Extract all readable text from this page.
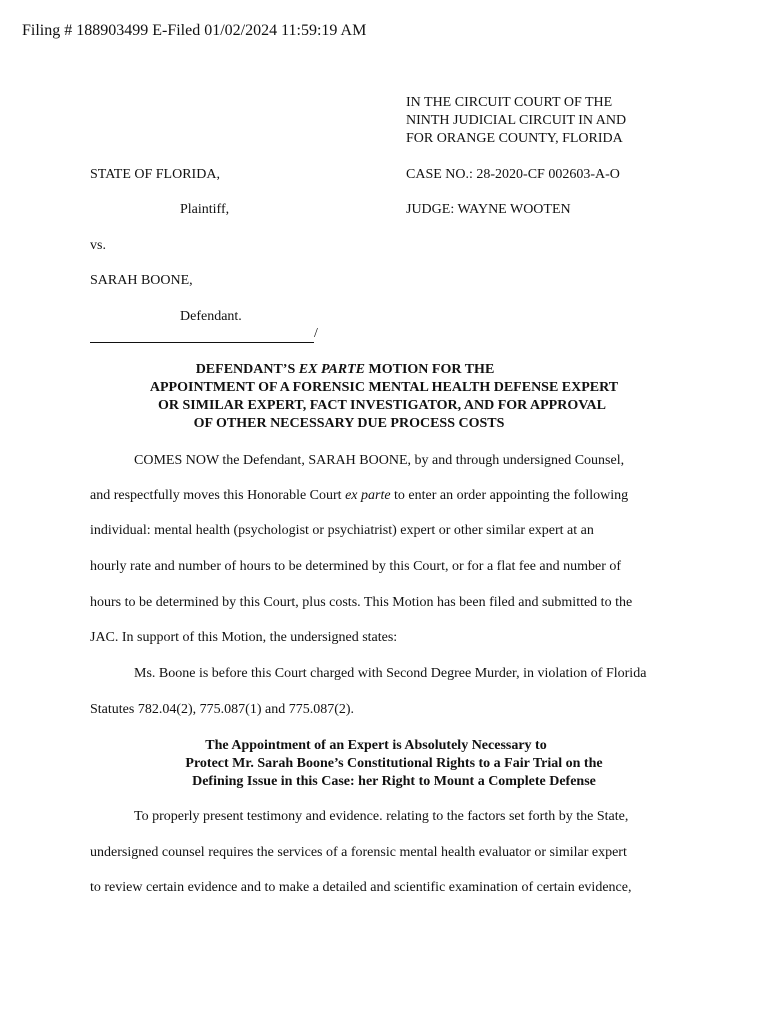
Filing # 188903499 E-Filed 01/02/2024 11:59:19 AM
IN THE CIRCUIT COURT OF THE
NINTH JUDICIAL CIRCUIT IN AND
FOR ORANGE COUNTY, FLORIDA
STATE OF FLORIDA,	CASE NO.: 28-2020-CF 002603-A-O
Plaintiff,	JUDGE: WAYNE WOOTEN
vs.
SARAH BOONE,
Defendant.
/
DEFENDANT’S EX PARTE MOTION FOR THE
APPOINTMENT OF A FORENSIC MENTAL HEALTH DEFENSE EXPERT
OR SIMILAR EXPERT, FACT INVESTIGATOR, AND FOR APPROVAL
OF OTHER NECESSARY DUE PROCESS COSTS
COMES NOW the Defendant, SARAH BOONE, by and through undersigned Counsel,
and respectfully moves this Honorable Court ex parte to enter an order appointing the following
individual: mental health (psychologist or psychiatrist) expert or other similar expert at an
hourly rate and number of hours to be determined by this Court, or for a flat fee and number of
hours to be determined by this Court, plus costs. This Motion has been filed and submitted to the
JAC. In support of this Motion, the undersigned states:
Ms. Boone is before this Court charged with Second Degree Murder, in violation of Florida
Statutes 782.04(2), 775.087(1) and 775.087(2).
The Appointment of an Expert is Absolutely Necessary to
Protect Mr. Sarah Boone’s Constitutional Rights to a Fair Trial on the
Defining Issue in this Case: her Right to Mount a Complete Defense
To properly present testimony and evidence. relating to the factors set forth by the State,
undersigned counsel requires the services of a forensic mental health evaluator or similar expert
to review certain evidence and to make a detailed and scientific examination of certain evidence,
